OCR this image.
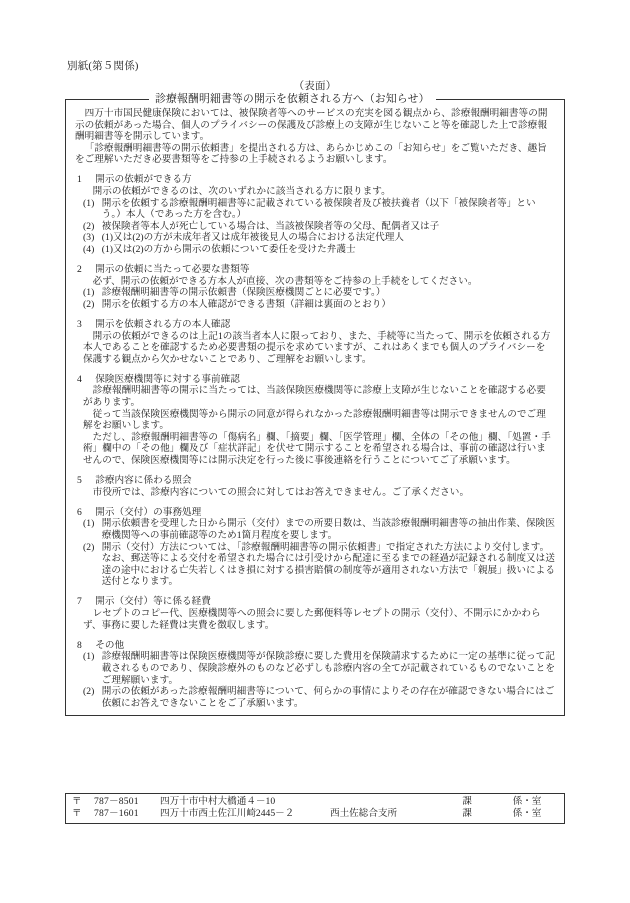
別紙(第５関係)
（表面）
診療報酬明細書等の開示を依頼される方へ（お知らせ）

四万十市国民健康保険においては、被保険者等へのサービスの充実を図る観点から、診療報酬明細書等の開示の依頼があった場合、個人のプライバシーの保護及び診療上の支障が生じないこと等を確認した上で診療報酬明細書等を開示しています。

「診療報酬明細書等の開示依頼書」を提出される方は、あらかじめこの「お知らせ」をご覧いただき、趣旨をご理解いただき必要書類等をご持参の上手続されるようお願いします。

1 開示の依頼ができる方

開示の依頼ができるのは、次のいずれかに該当される方に限ります。

(1) 開示を依頼する診療報酬明細書等に記載されている被保険者及び被扶養者（以下「被保険者等」という。）本人（であった方を含む。）
(2) 被保険者等本人が死亡している場合は、当該被保険者等の父母、配偶者又は子
(3) (1)又は(2)の方が未成年者又は成年被後見人の場合における法定代理人
(4) (1)又は(2)の方から開示の依頼について委任を受けた弁護士

2 開示の依頼に当たって必要な書類等

必ず、開示の依頼ができる方本人が直接、次の書類等をご持参の上手続をしてください。

(1) 診療報酬明細書等の開示依頼書（保険医療機関ごとに必要です。）
(2) 開示を依頼する方の本人確認ができる書類（詳細は裏面のとおり）

3 開示を依頼される方の本人確認

開示の依頼ができるのは上記1の該当者本人に限っており、また、手続等に当たって、開示を依頼される方本人であることを確認するため必要書類の提示を求めていますが、これはあくまでも個人のプライバシーを保護する観点から欠かせないことであり、ご理解をお願いします。

4 保険医療機関等に対する事前確認

診療報酬明細書等の開示に当たっては、当該保険医療機関等に診療上支障が生じないことを確認する必要があります。

従って当該保険医療機関等から開示の同意が得られなかった診療報酬明細書等は開示できませんのでご理解をお願いします。

ただし、診療報酬明細書等の「傷病名」欄、「摘要」欄、「医学管理」欄、全体の「その他」欄、「処置・手術」欄中の「その他」欄及び「症状詳記」を伏せて開示することを希望される場合は、事前の確認は行いませんので、保険医療機関等には開示決定を行った後に事後連絡を行うことについてご了承願います。

5 診療内容に係わる照会

市役所では、診療内容についての照会に対してはお答えできません。ご了承ください。

6 開示（交付）の事務処理

(1) 開示依頼書を受理した日から開示（交付）までの所要日数は、当該診療報酬明細書等の抽出作業、保険医療機関等への事前確認等のため1箇月程度を要します。
(2) 開示（交付）方法については、「診療報酬明細書等の開示依頼書」で指定された方法により交付します。なお、郵送等による交付を希望された場合には引受けから配達に至るまでの経過が記録される制度又は送達の途中における亡失若しくはき損に対する損害賠償の制度等が適用されない方法で「親展」扱いによる送付となります。

7 開示（交付）等に係る経費

レセプトのコピー代、医療機関等への照会に要した郵便料等レセプトの開示（交付）、不開示にかかわらず、事務に要した経費は実費を徴収します。

8 その他

(1) 診療報酬明細書等は保険医療機関等が保険診療に要した費用を保険請求するために一定の基準に従って記載されるものであり、保険診療外のものなど必ずしも診療内容の全てが記載されているものでないことをご理解願います。
(2) 開示の依頼があった診療報酬明細書等について、何らかの事情によりその存在が確認できない場合にはご依頼にお答えできないことをご了承願います。
〒	787－8501	四万十市中村大橋通４－10		課	係・室
〒	787－1601	四万十市西土佐江川崎2445－２	西土佐総合支所	課	係・室
